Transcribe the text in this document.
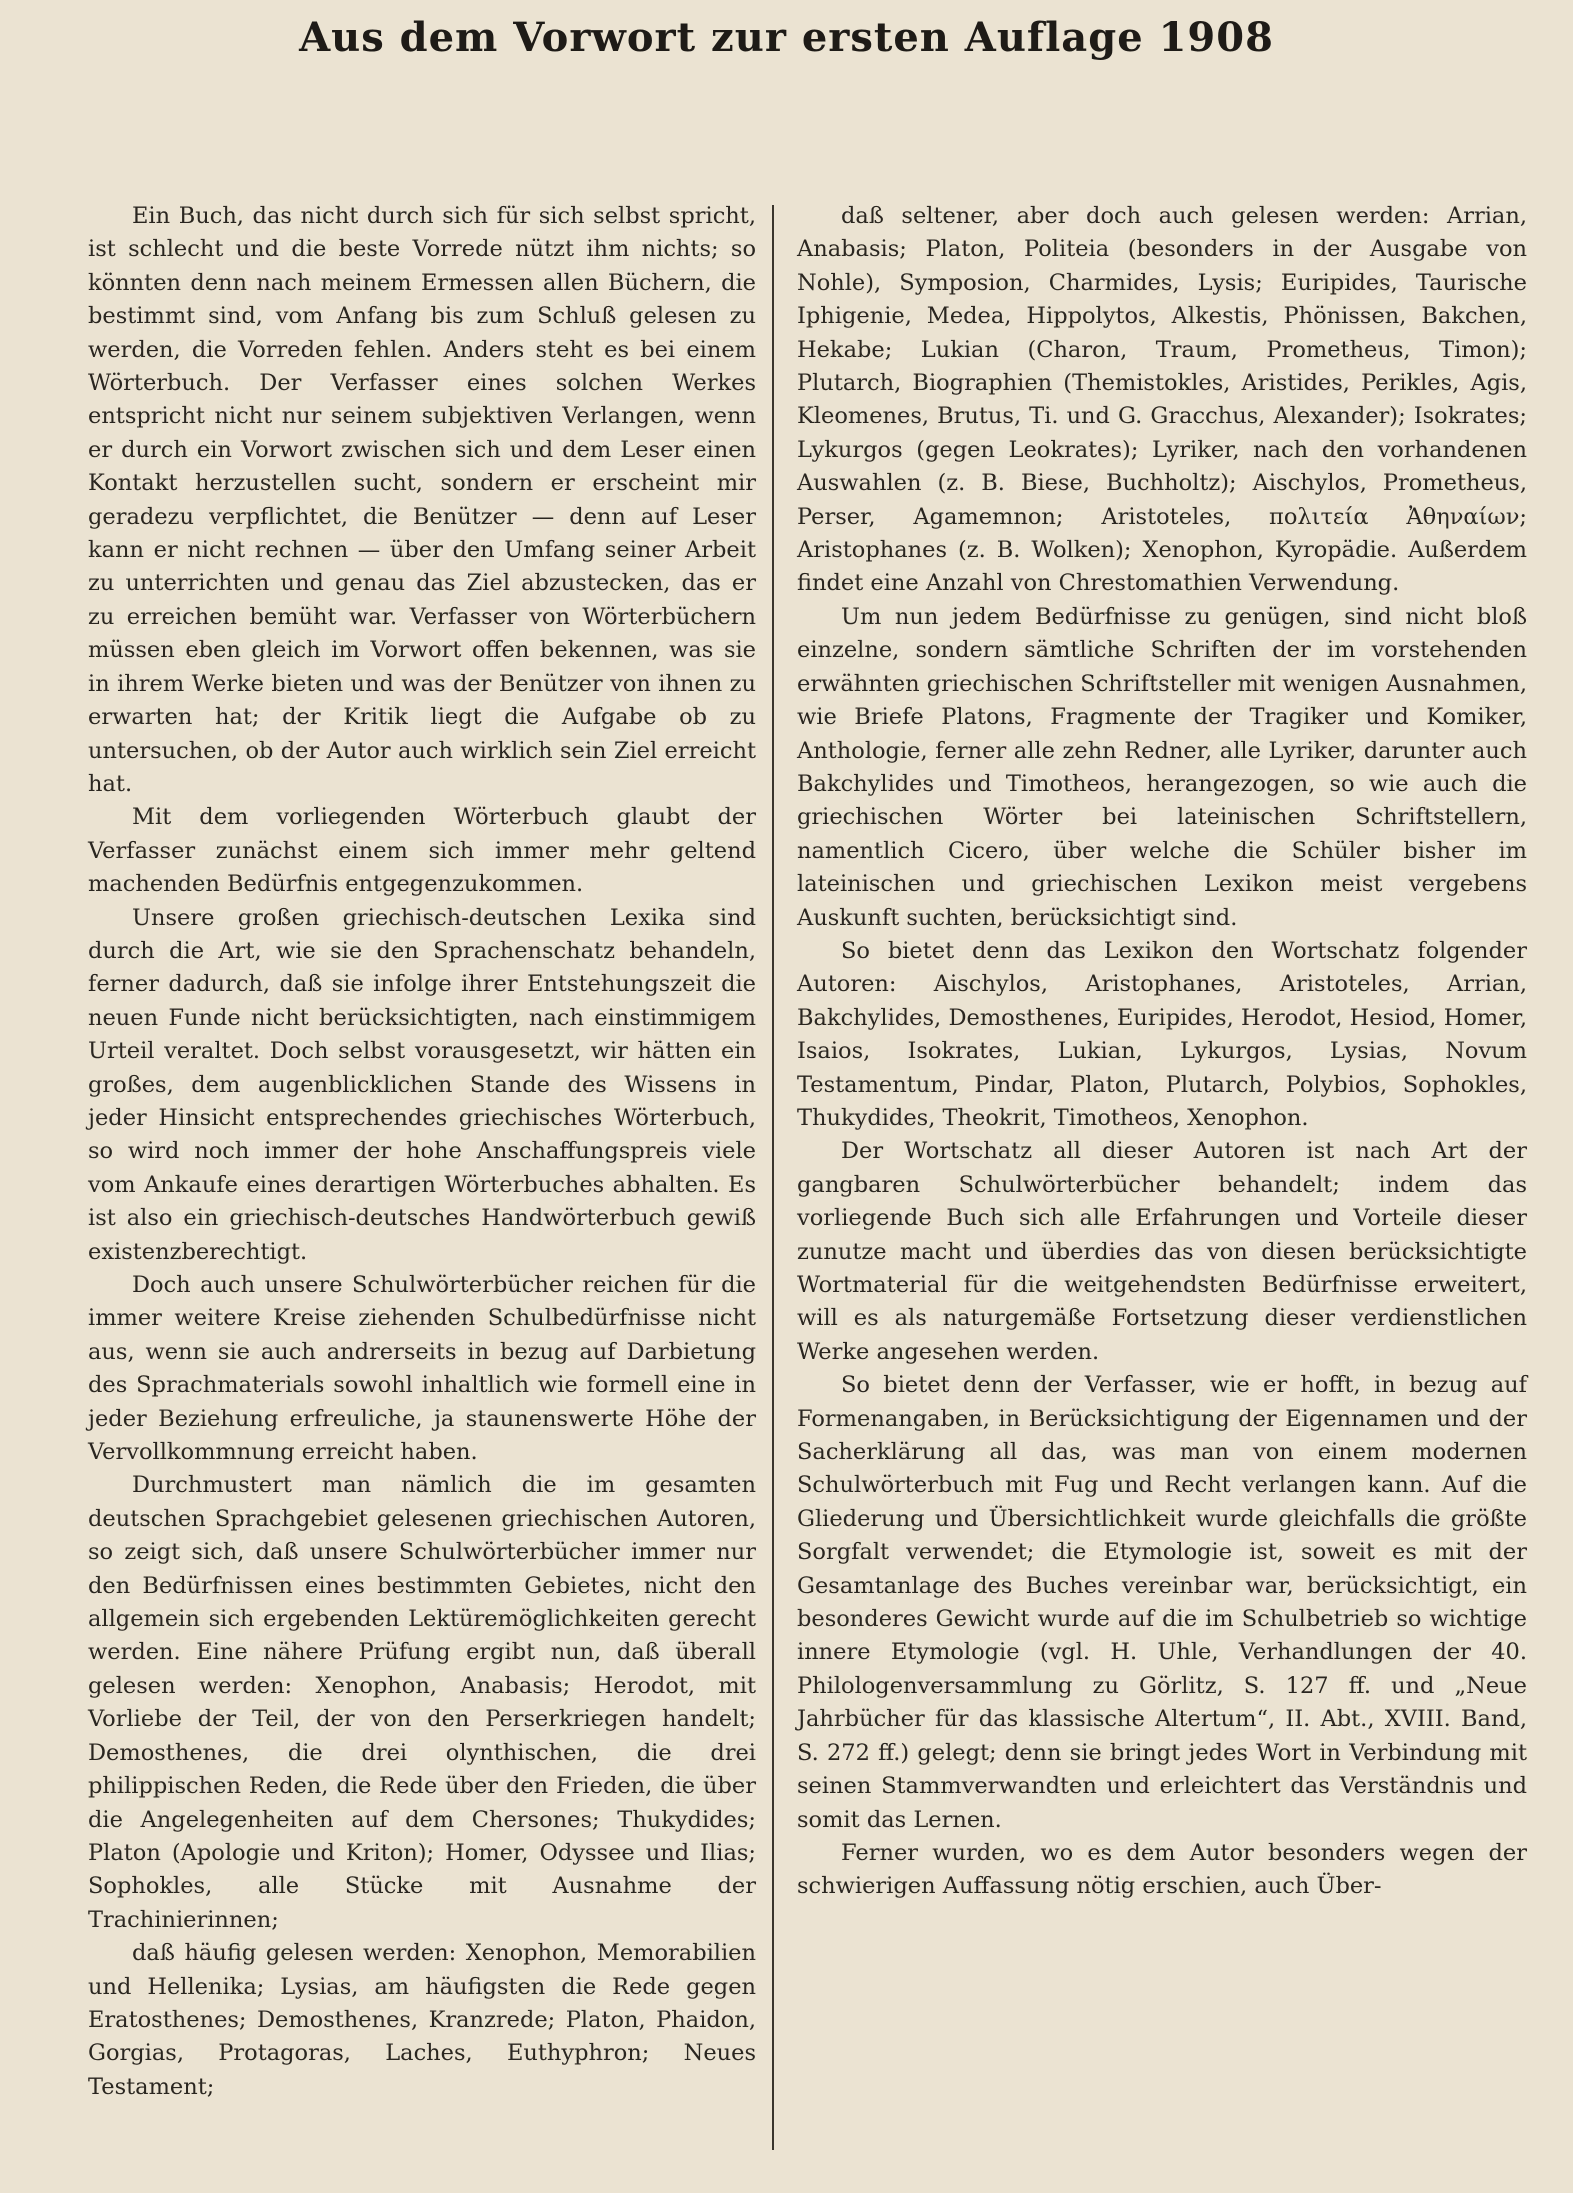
Aus dem Vorwort zur ersten Auflage 1908

Ein Buch, das nicht durch sich für sich selbst spricht, ist schlecht und die beste Vorrede nützt ihm nichts; so könnten denn nach meinem Ermessen allen Büchern, die bestimmt sind, vom Anfang bis zum Schluß gelesen zu werden, die Vorreden fehlen. Anders steht es bei einem Wörterbuch. Der Verfasser eines solchen Werkes entspricht nicht nur seinem subjektiven Verlangen, wenn er durch ein Vorwort zwischen sich und dem Leser einen Kontakt herzustellen sucht, sondern er erscheint mir geradezu verpflichtet, die Benützer — denn auf Leser kann er nicht rechnen — über den Umfang seiner Arbeit zu unterrichten und genau das Ziel abzustecken, das er zu erreichen bemüht war. Verfasser von Wörterbüchern müssen eben gleich im Vorwort offen bekennen, was sie in ihrem Werke bieten und was der Benützer von ihnen zu erwarten hat; der Kritik liegt die Aufgabe ob zu untersuchen, ob der Autor auch wirklich sein Ziel erreicht hat.

Mit dem vorliegenden Wörterbuch glaubt der Verfasser zunächst einem sich immer mehr geltend machenden Bedürfnis entgegenzukommen.

Unsere großen griechisch-deutschen Lexika sind durch die Art, wie sie den Sprachenschatz behandeln, ferner dadurch, daß sie infolge ihrer Entstehungszeit die neuen Funde nicht berücksichtigten, nach einstimmigem Urteil veraltet. Doch selbst vorausgesetzt, wir hätten ein großes, dem augenblicklichen Stande des Wissens in jeder Hinsicht entsprechendes griechisches Wörterbuch, so wird noch immer der hohe Anschaffungspreis viele vom Ankaufe eines derartigen Wörterbuches abhalten. Es ist also ein griechisch-deutsches Handwörterbuch gewiß existenzberechtigt.

Doch auch unsere Schulwörterbücher reichen für die immer weitere Kreise ziehenden Schulbedürfnisse nicht aus, wenn sie auch andrerseits in bezug auf Darbietung des Sprachmaterials sowohl inhaltlich wie formell eine in jeder Beziehung erfreuliche, ja staunenswerte Höhe der Vervollkommnung erreicht haben.

Durchmustert man nämlich die im gesamten deutschen Sprachgebiet gelesenen griechischen Autoren, so zeigt sich, daß unsere Schulwörterbücher immer nur den Bedürfnissen eines bestimmten Gebietes, nicht den allgemein sich ergebenden Lektüremöglichkeiten gerecht werden. Eine nähere Prüfung ergibt nun, daß überall gelesen werden: Xenophon, Anabasis; Herodot, mit Vorliebe der Teil, der von den Perserkriegen handelt; Demosthenes, die drei olynthischen, die drei philippischen Reden, die Rede über den Frieden, die über die Angelegenheiten auf dem Chersones; Thukydides; Platon (Apologie und Kriton); Homer, Odyssee und Ilias; Sophokles, alle Stücke mit Ausnahme der Trachinierinnen;

daß häufig gelesen werden: Xenophon, Memorabilien und Hellenika; Lysias, am häufigsten die Rede gegen Eratosthenes; Demosthenes, Kranzrede; Platon, Phaidon, Gorgias, Protagoras, Laches, Euthyphron; Neues Testament;

daß seltener, aber doch auch gelesen werden: Arrian, Anabasis; Platon, Politeia (besonders in der Ausgabe von Nohle), Symposion, Charmides, Lysis; Euripides, Taurische Iphigenie, Medea, Hippolytos, Alkestis, Phönissen, Bakchen, Hekabe; Lukian (Charon, Traum, Prometheus, Timon); Plutarch, Biographien (Themistokles, Aristides, Perikles, Agis, Kleomenes, Brutus, Ti. und G. Gracchus, Alexander); Isokrates; Lykurgos (gegen Leokrates); Lyriker, nach den vorhandenen Auswahlen (z. B. Biese, Buchholtz); Aischylos, Prometheus, Perser, Agamemnon; Aristoteles, πολιτεία Ἀθηναίων; Aristophanes (z. B. Wolken); Xenophon, Kyropädie. Außerdem findet eine Anzahl von Chrestomathien Verwendung.

Um nun jedem Bedürfnisse zu genügen, sind nicht bloß einzelne, sondern sämtliche Schriften der im vorstehenden erwähnten griechischen Schriftsteller mit wenigen Ausnahmen, wie Briefe Platons, Fragmente der Tragiker und Komiker, Anthologie, ferner alle zehn Redner, alle Lyriker, darunter auch Bakchylides und Timotheos, herangezogen, so wie auch die griechischen Wörter bei lateinischen Schriftstellern, namentlich Cicero, über welche die Schüler bisher im lateinischen und griechischen Lexikon meist vergebens Auskunft suchten, berücksichtigt sind.

So bietet denn das Lexikon den Wortschatz folgender Autoren: Aischylos, Aristophanes, Aristoteles, Arrian, Bakchylides, Demosthenes, Euripides, Herodot, Hesiod, Homer, Isaios, Isokrates, Lukian, Lykurgos, Lysias, Novum Testamentum, Pindar, Platon, Plutarch, Polybios, Sophokles, Thukydides, Theokrit, Timotheos, Xenophon.

Der Wortschatz all dieser Autoren ist nach Art der gangbaren Schulwörterbücher behandelt; indem das vorliegende Buch sich alle Erfahrungen und Vorteile dieser zunutze macht und überdies das von diesen berücksichtigte Wortmaterial für die weitgehendsten Bedürfnisse erweitert, will es als naturgemäße Fortsetzung dieser verdienstlichen Werke angesehen werden.

So bietet denn der Verfasser, wie er hofft, in bezug auf Formenangaben, in Berücksichtigung der Eigennamen und der Sacherklärung all das, was man von einem modernen Schulwörterbuch mit Fug und Recht verlangen kann. Auf die Gliederung und Übersichtlichkeit wurde gleichfalls die größte Sorgfalt verwendet; die Etymologie ist, soweit es mit der Gesamtanlage des Buches vereinbar war, berücksichtigt, ein besonderes Gewicht wurde auf die im Schulbetrieb so wichtige innere Etymologie (vgl. H. Uhle, Verhandlungen der 40. Philologenversammlung zu Görlitz, S. 127 ff. und „Neue Jahrbücher für das klassische Altertum“, II. Abt., XVIII. Band, S. 272 ff.) gelegt; denn sie bringt jedes Wort in Verbindung mit seinen Stammverwandten und erleichtert das Verständnis und somit das Lernen.

Ferner wurden, wo es dem Autor besonders wegen der schwierigen Auffassung nötig erschien, auch Über-
